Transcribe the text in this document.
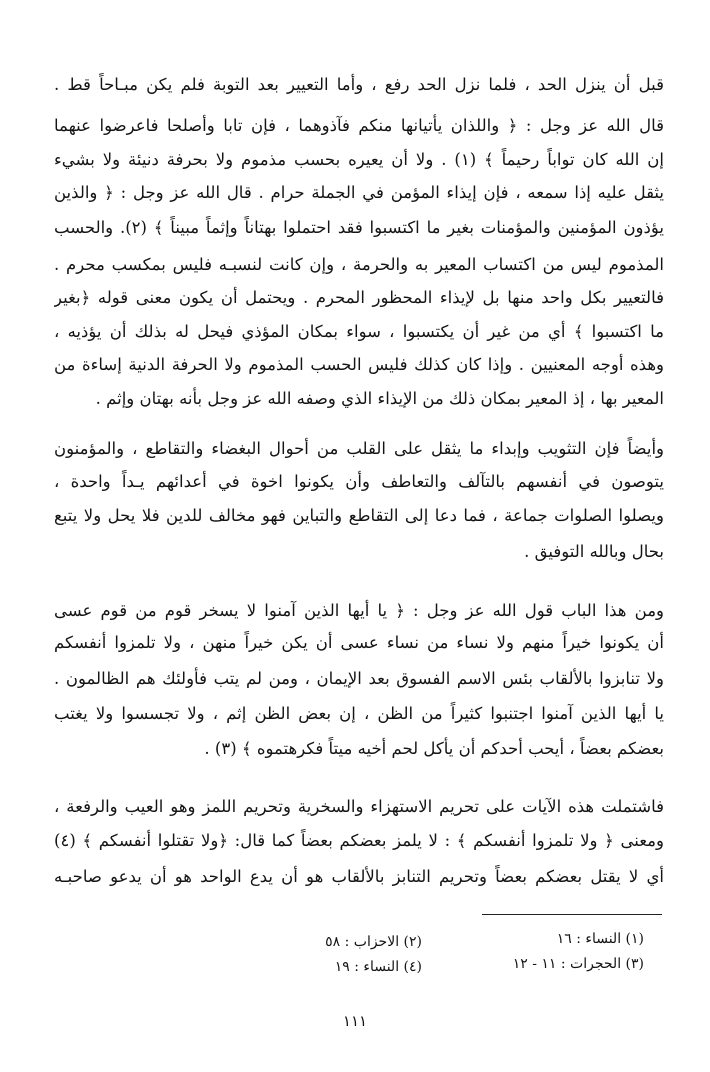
قبل أن ينزل الحد ، فلما نزل الحد رفع ، وأما التعيير بعد التوبة فلم يكن مبـاحاً قط .
قال الله عز وجل : ﴿ واللذان يأتيانها منكم فآذوهما ، فإن تابا وأصلحا فاعرضوا عنهما
إن الله كان تواباً رحيماً ﴾ (١) . ولا أن يعيره بحسب مذموم ولا بحرفة دنيئة ولا بشيء
يثقل عليه إذا سمعه ، فإن إيذاء المؤمن في الجملة حرام . قال الله عز وجل : ﴿ والذين
يؤذون المؤمنين والمؤمنات بغير ما اكتسبوا فقد احتملوا بهتاناً وإثماً مبيناً ﴾ (٢). والحسب
المذموم ليس من اكتساب المعير به والحرمة ، وإن كانت لنسبـه فليس بمكسب محرم .
فالتعيير بكل واحد منها بل لإيذاء المحظور المحرم . ويحتمل أن يكون معنى قوله ﴿بغير
ما اكتسبوا ﴾ أي من غير أن يكتسبوا ، سواء بمكان المؤذي فيحل له بذلك أن يؤذيه ،
وهذه أوجه المعنيين . وإذا كان كذلك فليس الحسب المذموم ولا الحرفة الدنية إساءة من
المعير بها ، إذ المعير بمكان ذلك من الإيذاء الذي وصفه الله عز وجل بأنه بهتان وإثم .
وأيضاً فإن التثويب وإبداء ما يثقل على القلب من أحوال البغضاء والتقاطع ، والمؤمنون
يتوصون في أنفسهم بالتآلف والتعاطف وأن يكونوا اخوة في أعدائهم يـداً واحدة ،
ويصلوا الصلوات جماعة ، فما دعا إلى التقاطع والتباين فهو مخالف للدين فلا يحل ولا يتبع
بحال وبالله التوفيق .
ومن هذا الباب قول الله عز وجل : ﴿ يا أيها الذين آمنوا لا يسخر قوم من قوم عسى
أن يكونوا خيراً منهم ولا نساء من نساء عسى أن يكن خيراً منهن ، ولا تلمزوا أنفسكم
ولا تنابزوا بالألقاب بئس الاسم الفسوق بعد الإيمان ، ومن لم يتب فأولئك هم الظالمون .
يا أيها الذين آمنوا اجتنبوا كثيراً من الظن ، إن بعض الظن إثم ، ولا تجسسوا ولا يغتب
بعضكم بعضاً ، أيحب أحدكم أن يأكل لحم أخيه ميتاً فكرهتموه ﴾ (٣) .
فاشتملت هذه الآيات على تحريم الاستهزاء والسخرية وتحريم اللمز وهو العيب والرفعة ،
ومعنى ﴿ ولا تلمزوا أنفسكم ﴾ : لا يلمز بعضكم بعضاً كما قال: ﴿ولا تقتلوا أنفسكم ﴾ (٤)
أي لا يقتل بعضكم بعضاً وتحريم التنابز بالألقاب هو أن يدع الواحد هو أن يدعو صاحبـه
(١) النساء : ١٦
(٢) الاحزاب : ٥٨
(٣) الحجرات : ١١ - ١٢
(٤) النساء : ١٩
١١١
